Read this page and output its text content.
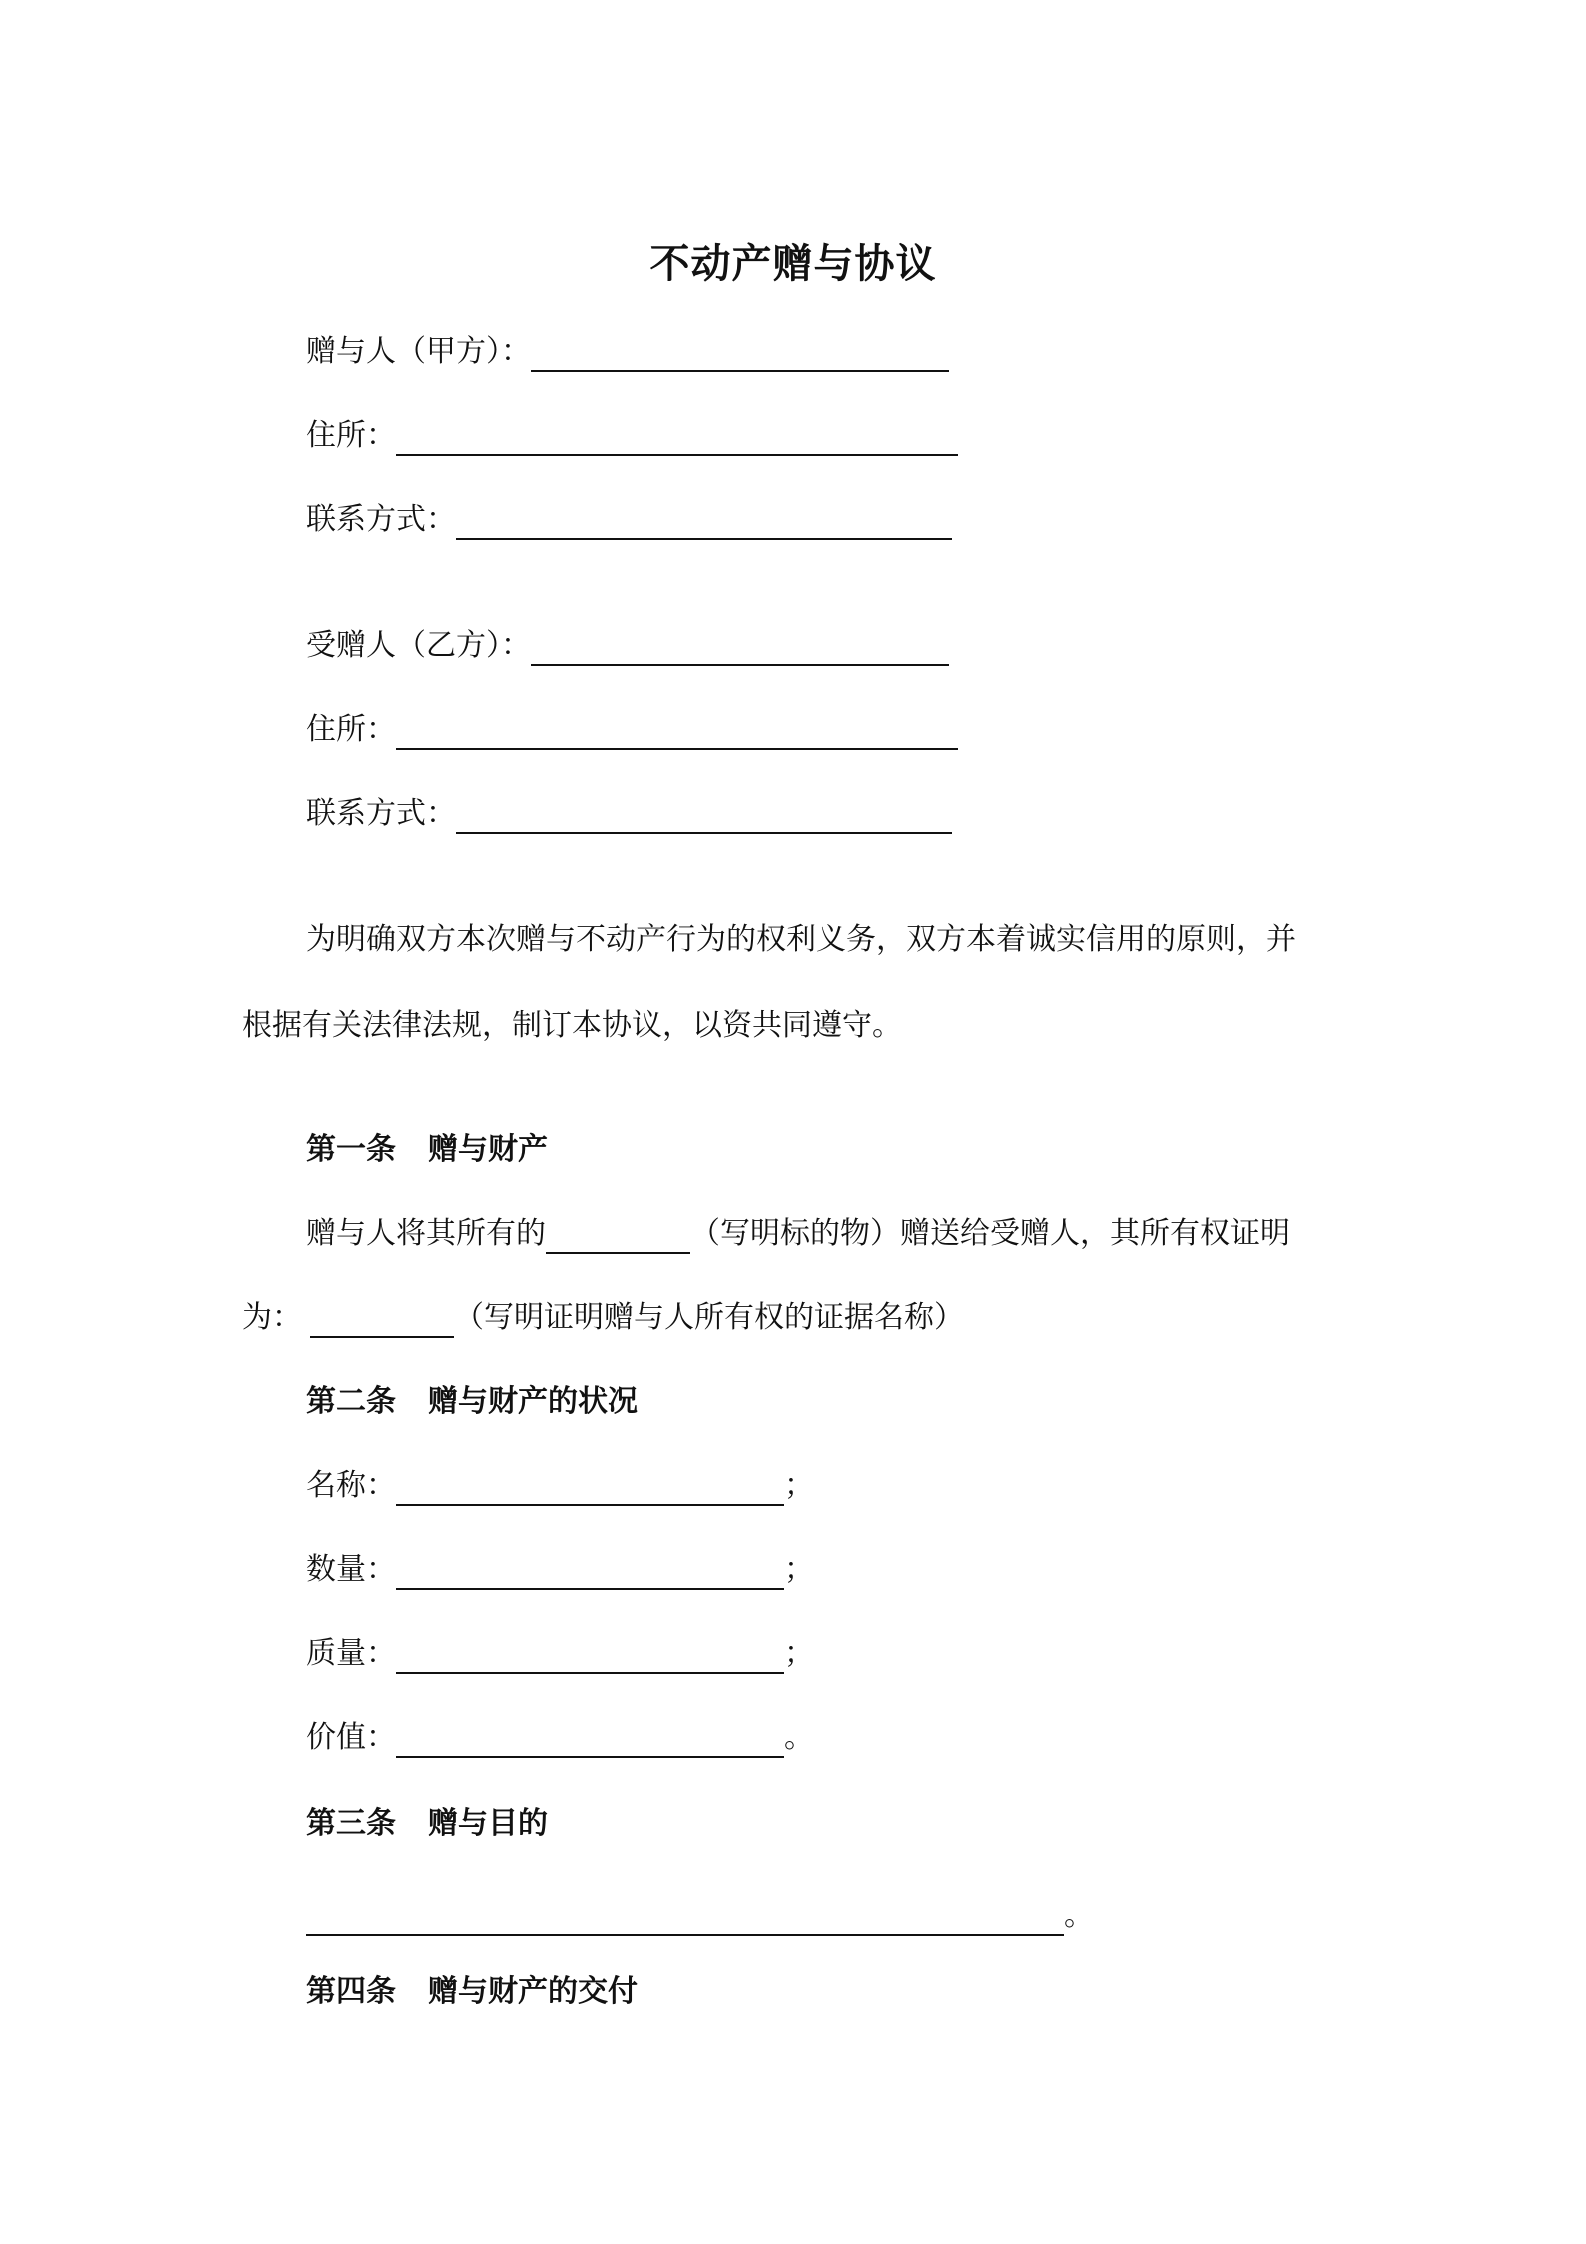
不动产赠与协议
赠与人（甲方）：
住所：
联系方式：
受赠人（乙方）：
住所：
联系方式：
为明确双方本次赠与不动产行为的权利义务，双方本着诚实信用的原则，并
根据有关法律法规，制订本协议，以资共同遵守。
第一条 赠与财产
赠与人将其所有的	（写明标的物）赠送给受赠人，其所有权证明
为：	（写明证明赠与人所有权的证据名称）
第二条 赠与财产的状况
名称：	；
数量：	；
质量：	；
价值：	。
第三条 赠与目的
。
第四条 赠与财产的交付
